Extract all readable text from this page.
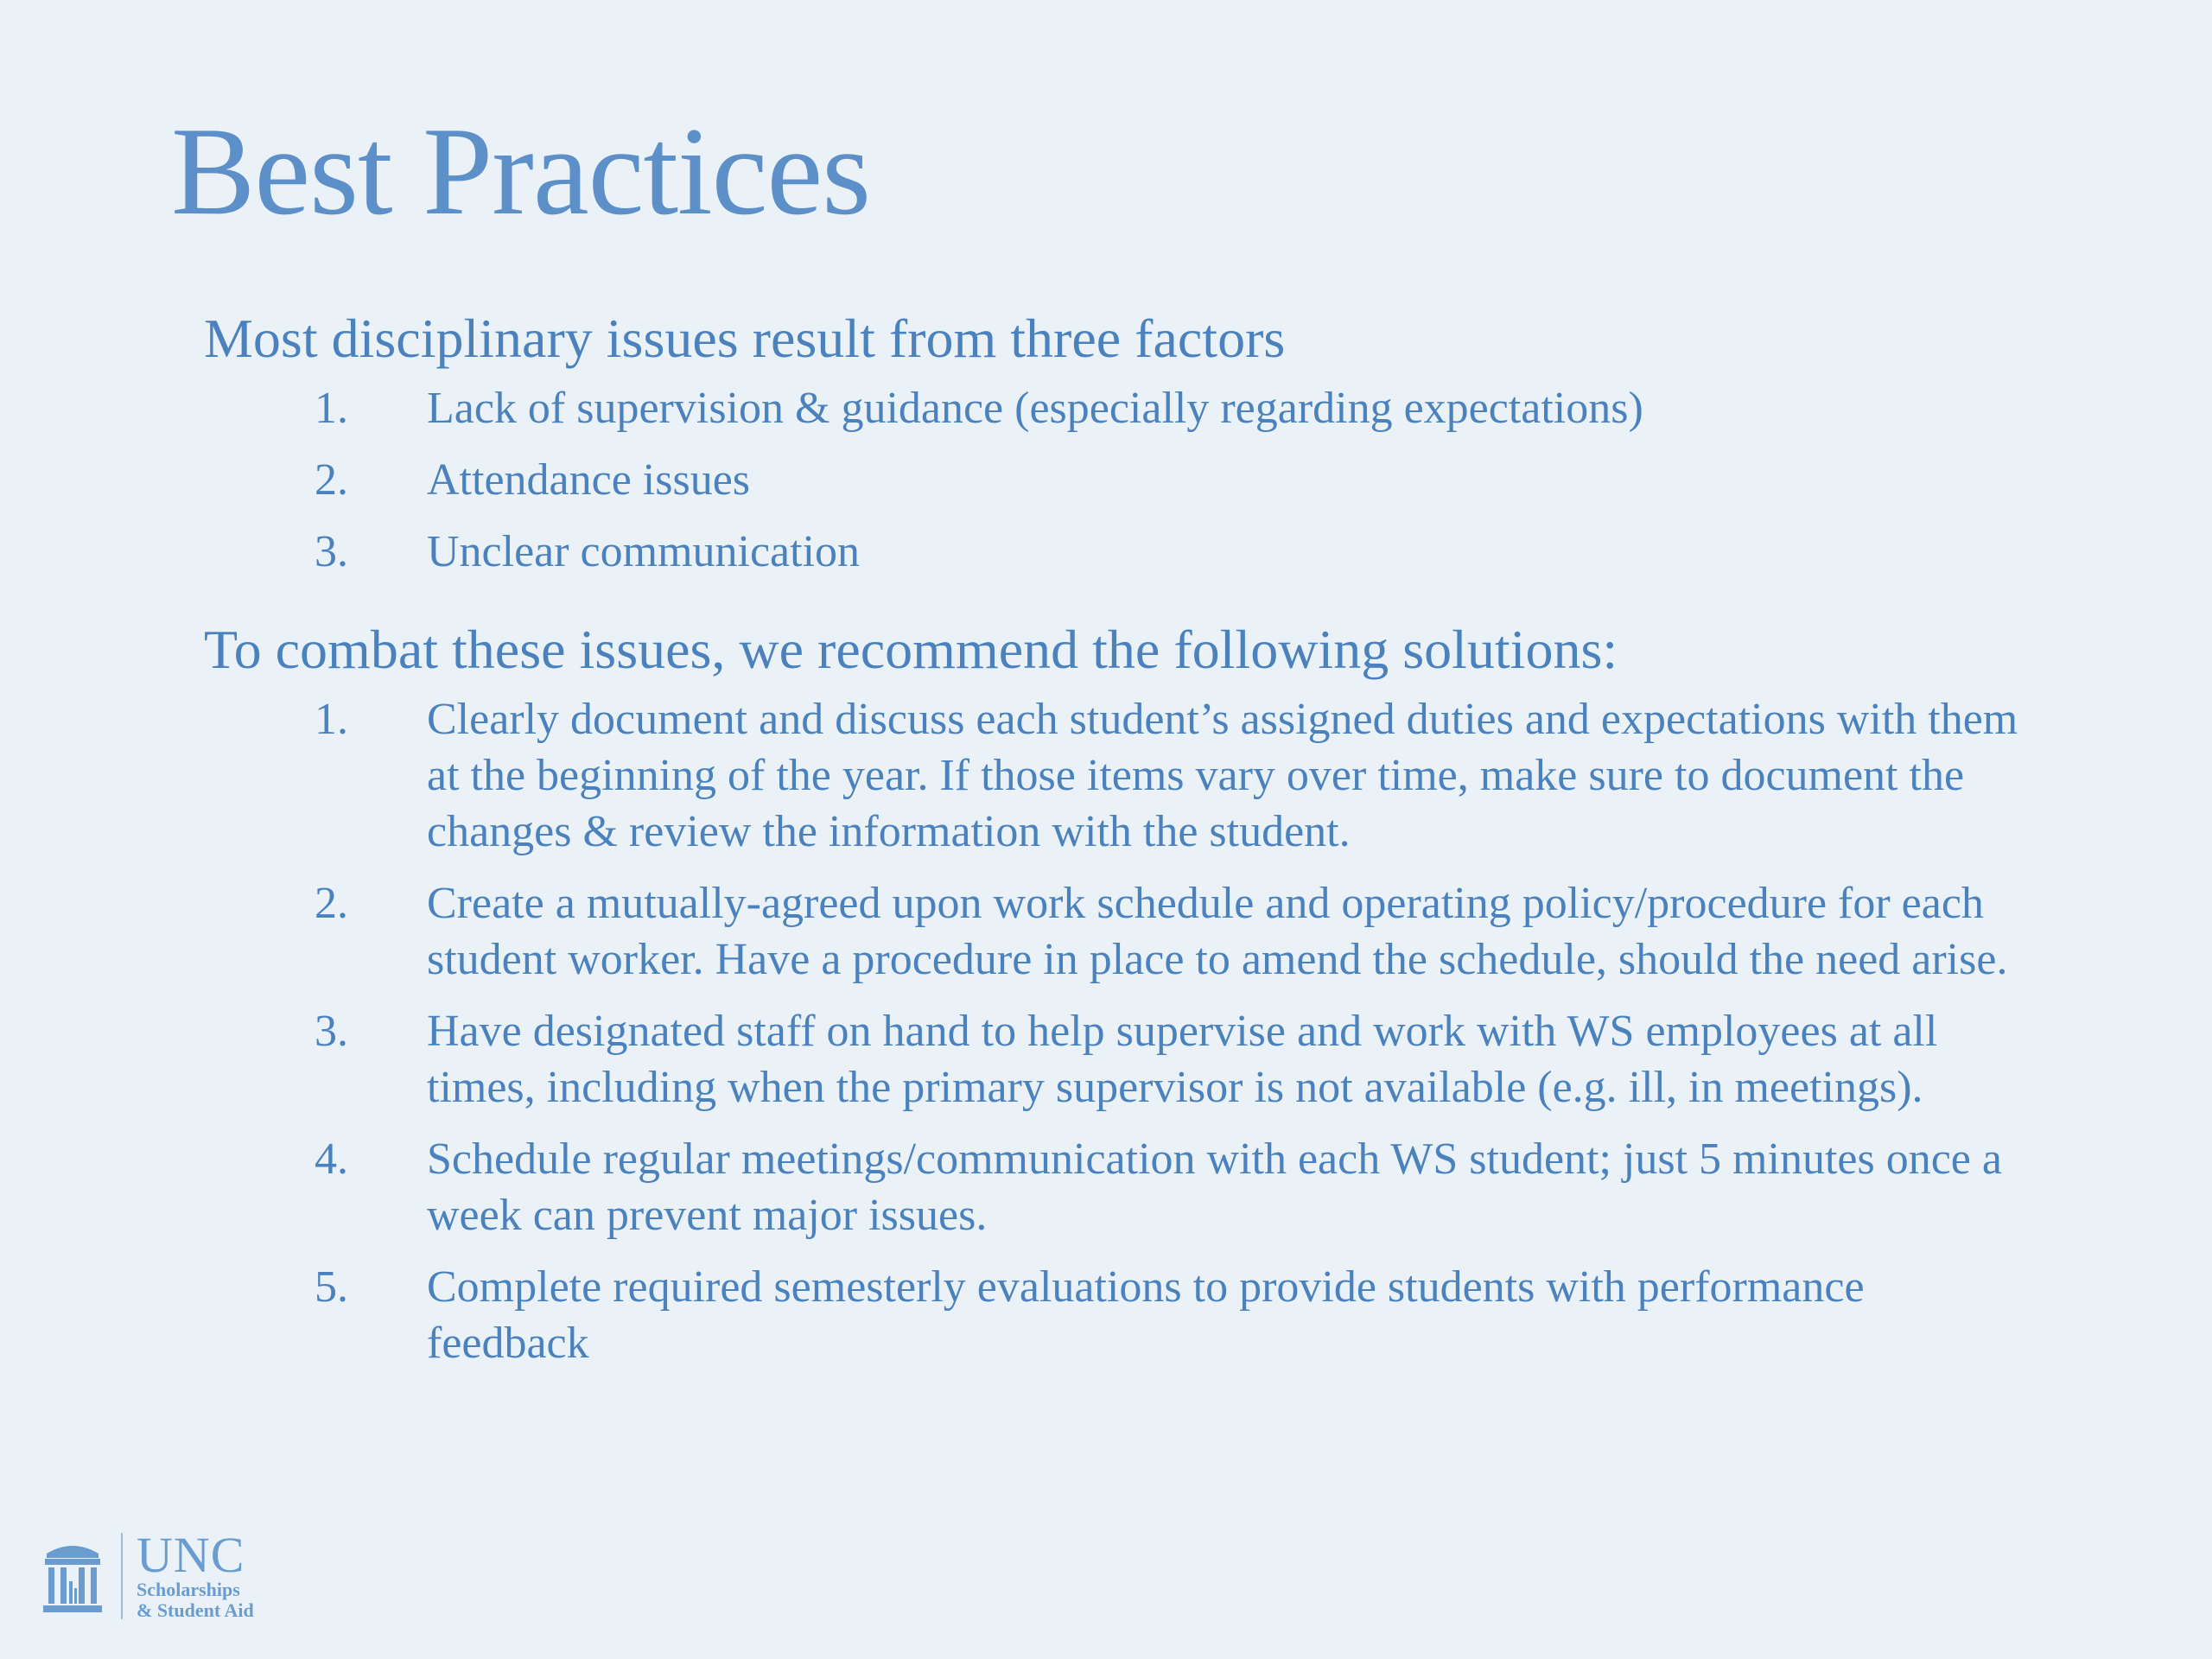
Best Practices
Most disciplinary issues result from three factors
1. Lack of supervision & guidance (especially regarding expectations)
2. Attendance issues
3. Unclear communication
To combat these issues, we recommend the following solutions:
1. Clearly document and discuss each student’s assigned duties and expectations with them at the beginning of the year. If those items vary over time, make sure to document the changes & review the information with the student.
2. Create a mutually-agreed upon work schedule and operating policy/procedure for each student worker. Have a procedure in place to amend the schedule, should the need arise.
3. Have designated staff on hand to help supervise and work with WS employees at all times, including when the primary supervisor is not available (e.g. ill, in meetings).
4. Schedule regular meetings/communication with each WS student; just 5 minutes once a week can prevent major issues.
5. Complete required semesterly evaluations to provide students with performance feedback
UNC
Scholarships
& Student Aid
